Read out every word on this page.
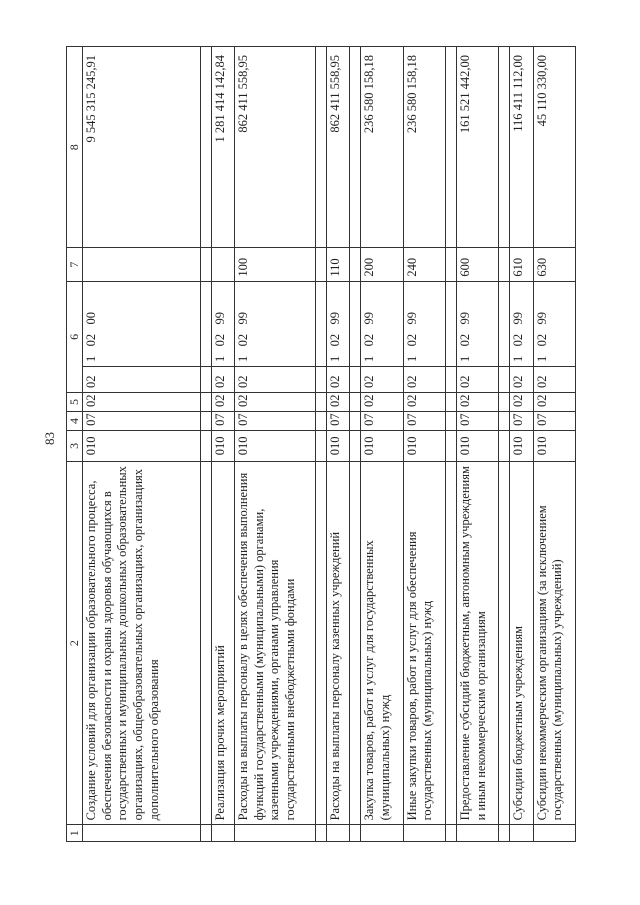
83
1	2	3	4	5	6		7	8
	Создание условий для организации образовательного процесса, обеспечения безопасности и охраны здоровья обучающихся в государственных и муниципальных дошкольных образовательных организациях, общеобразовательных организациях, организациях дополнительного образования	010	07	02	02	1   02   00		9 545 315 245,91

	Реализация прочих мероприятий	010	07	02	02	1   02   99		1 281 414 142,84
	Расходы на выплаты персоналу в целях обеспечения выполнения функций государственными (муниципальными) органами, казенными учреждениями, органами управления государственными внебюджетными фондами	010	07	02	02	1   02   99	100	862 411 558,95

	Расходы на выплаты персоналу казенных учреждений	010	07	02	02	1   02   99	110	862 411 558,95

	Закупка товаров, работ и услуг для государственных (муниципальных) нужд	010	07	02	02	1   02   99	200	236 580 158,18
	Иные закупки товаров, работ и услуг для обеспечения государственных (муниципальных) нужд	010	07	02	02	1   02   99	240	236 580 158,18

	Предоставление субсидий бюджетным, автономным учреждениям и иным некоммерческим организациям	010	07	02	02	1   02   99	600	161 521 442,00

	Субсидии бюджетным учреждениям	010	07	02	02	1   02   99	610	116 411 112,00
	Субсидии некоммерческим организациям (за исключением государственных (муниципальных) учреждений)	010	07	02	02	1   02   99	630	45 110 330,00
